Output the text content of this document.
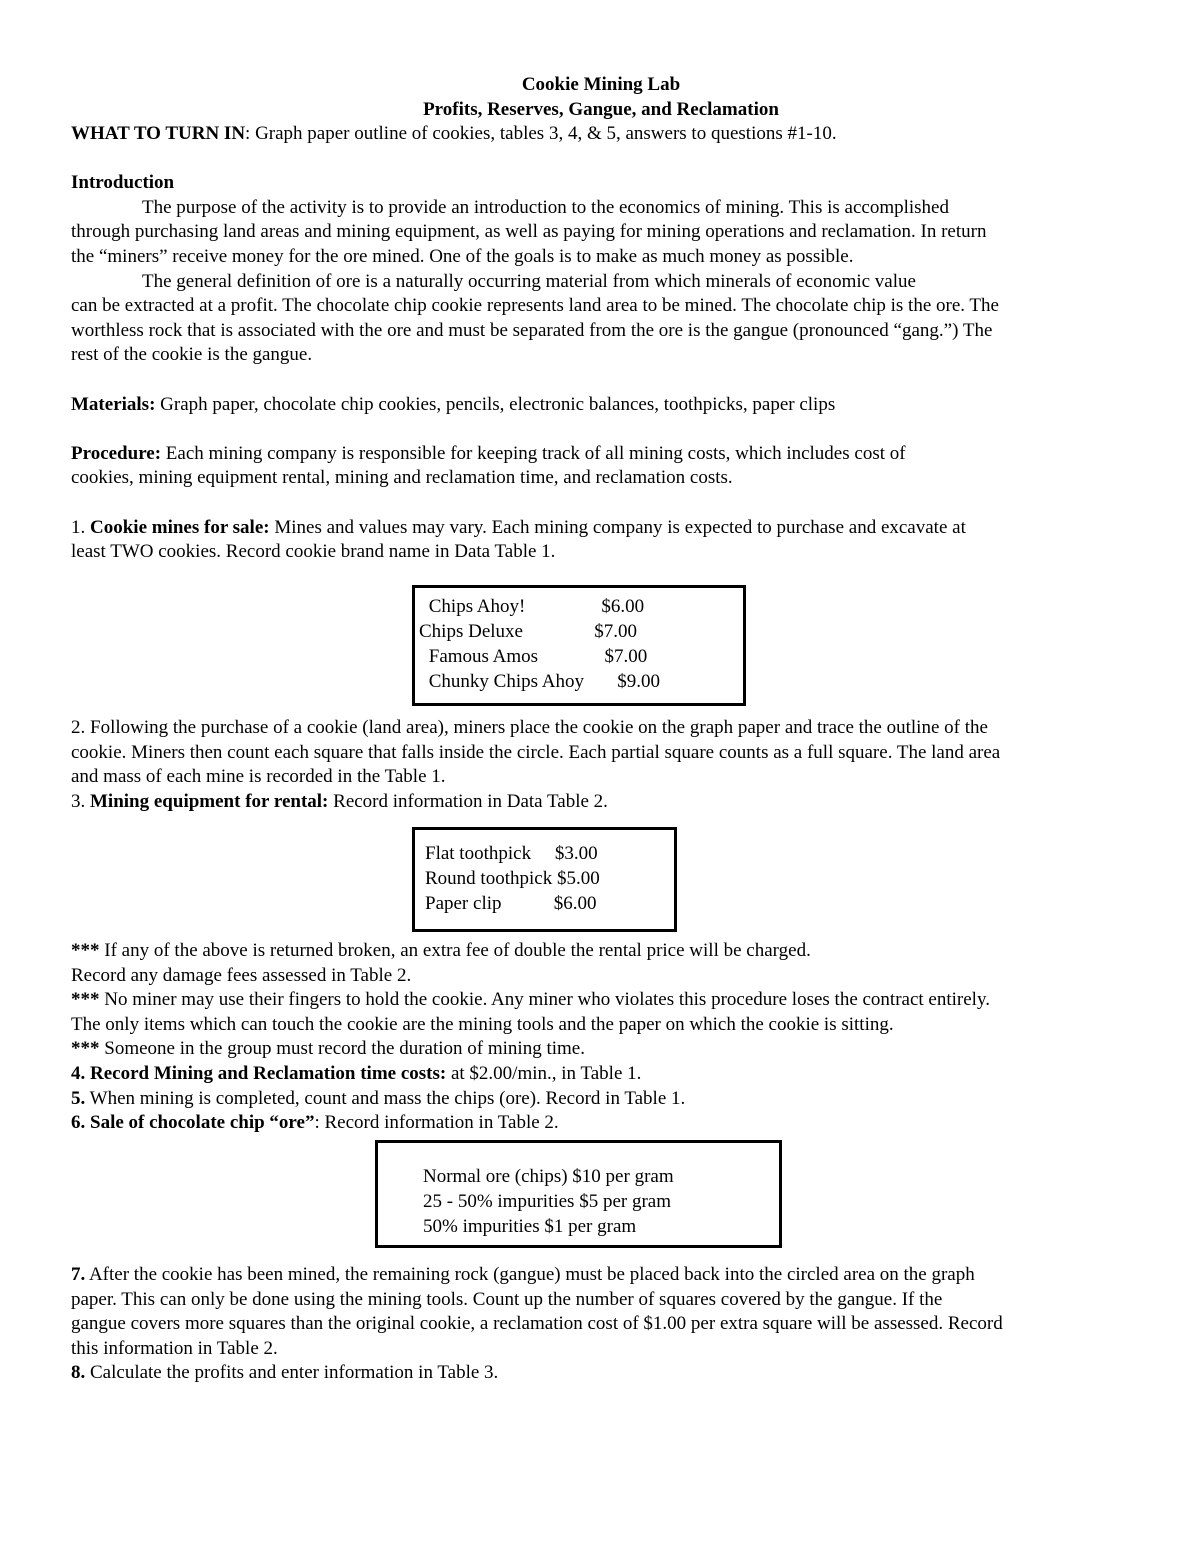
Cookie Mining Lab

Profits, Reserves, Gangue, and Reclamation

WHAT TO TURN IN: Graph paper outline of cookies, tables 3, 4, & 5, answers to questions #1-10.

Introduction

The purpose of the activity is to provide an introduction to the economics of mining. This is accomplished

through purchasing land areas and mining equipment, as well as paying for mining operations and reclamation. In return

the “miners” receive money for the ore mined. One of the goals is to make as much money as possible.

The general definition of ore is a naturally occurring material from which minerals of economic value

can be extracted at a profit. The chocolate chip cookie represents land area to be mined. The chocolate chip is the ore. The

worthless rock that is associated with the ore and must be separated from the ore is the gangue (pronounced “gang.”) The

rest of the cookie is the gangue.

Materials: Graph paper, chocolate chip cookies, pencils, electronic balances, toothpicks, paper clips

Procedure: Each mining company is responsible for keeping track of all mining costs, which includes cost of

cookies, mining equipment rental, mining and reclamation time, and reclamation costs.

1. Cookie mines for sale: Mines and values may vary. Each mining company is expected to purchase and excavate at

least TWO cookies. Record cookie brand name in Data Table 1.

Chips Ahoy!                $6.00
Chips Deluxe               $7.00
Famous Amos              $7.00
Chunky Chips Ahoy       $9.00

2. Following the purchase of a cookie (land area), miners place the cookie on the graph paper and trace the outline of the

cookie. Miners then count each square that falls inside the circle. Each partial square counts as a full square. The land area

and mass of each mine is recorded in the Table 1.

3. Mining equipment for rental: Record information in Data Table 2.

Flat toothpick     $3.00
Round toothpick $5.00
Paper clip           $6.00

*** If any of the above is returned broken, an extra fee of double the rental price will be charged.

Record any damage fees assessed in Table 2.

*** No miner may use their fingers to hold the cookie. Any miner who violates this procedure loses the contract entirely.

The only items which can touch the cookie are the mining tools and the paper on which the cookie is sitting.

*** Someone in the group must record the duration of mining time.

4. Record Mining and Reclamation time costs: at $2.00/min., in Table 1.

5. When mining is completed, count and mass the chips (ore). Record in Table 1.

6. Sale of chocolate chip “ore”: Record information in Table 2.

Normal ore (chips) $10 per gram
25 - 50% impurities $5 per gram
50% impurities $1 per gram

7. After the cookie has been mined, the remaining rock (gangue) must be placed back into the circled area on the graph

paper. This can only be done using the mining tools. Count up the number of squares covered by the gangue. If the

gangue covers more squares than the original cookie, a reclamation cost of $1.00 per extra square will be assessed. Record

this information in Table 2.

8. Calculate the profits and enter information in Table 3.
